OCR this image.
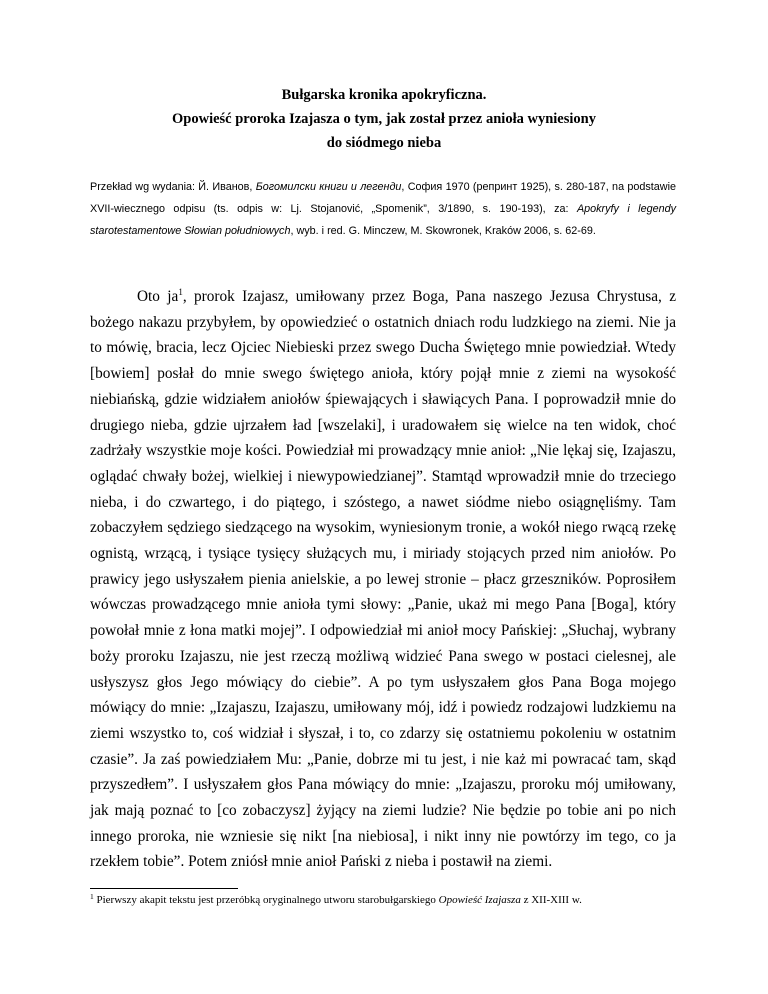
Bułgarska kronika apokryficzna.
Opowieść proroka Izajasza o tym, jak został przez anioła wyniesiony
do siódmego nieba
Przekład wg wydania: Й. Иванов, Богомилски книги и легенди, София 1970 (репринт 1925), s. 280-187, na podstawie XVII-wiecznego odpisu (ts. odpis w: Lj. Stojanović, „Spomenik”, 3/1890, s. 190-193), za: Apokryfy i legendy starotestamentowe Słowian południowych, wyb. i red. G. Minczew, M. Skowronek, Kraków 2006, s. 62-69.

Oto $ja^1$, prorok Izajasz, umiłowany przez Boga, Pana naszego Jezusa Chrystusa, z bożego nakazu przybyłem, by opowiedzieć o ostatnich dniach rodu ludzkiego na ziemi. Nie ja to mówię, bracia, lecz Ojciec Niebieski przez swego Ducha Świętego mnie powiedział. Wtedy [bowiem] posłał do mnie swego świętego anioła, który pojął mnie z ziemi na wysokość niebiańską, gdzie widziałem aniołów śpiewających i sławiących Pana. I poprowadził mnie do drugiego nieba, gdzie ujrzałem ład [wszelaki], i uradowałem się wielce na ten widok, choć zadrżały wszystkie moje kości. Powiedział mi prowadzący mnie anioł: „Nie lękaj się, Izajaszu, oglądać chwały bożej, wielkiej i niewypowiedzianej”. Stamtąd wprowadził mnie do trzeciego nieba, i do czwartego, i do piątego, i szóstego, a nawet siódme niebo osiągnęliśmy. Tam zobaczyłem sędziego siedzącego na wysokim, wyniesionym tronie, a wokół niego rwącą rzekę ognistą, wrzącą, i tysiące tysięcy służących mu, i miriady stojących przed nim aniołów. Po prawicy jego usłyszałem pienia anielskie, a po lewej stronie – płacz grzeszników. Poprosiłem wówczas prowadzącego mnie anioła tymi słowy: „Panie, ukaż mi mego Pana [Boga], który powołał mnie z łona matki mojej”. I odpowiedział mi anioł mocy Pańskiej: „Słuchaj, wybrany boży proroku Izajaszu, nie jest rzeczą możliwą widzieć Pana swego w postaci cielesnej, ale usłyszysz głos Jego mówiący do ciebie”. A po tym usłyszałem głos Pana Boga mojego mówiący do mnie: „Izajaszu, Izajaszu, umiłowany mój, idź i powiedz rodzajowi ludzkiemu na ziemi wszystko to, coś widział i słyszał, i to, co zdarzy się ostatniemu pokoleniu w ostatnim czasie”. Ja zaś powiedziałem Mu: „Panie, dobrze mi tu jest, i nie każ mi powracać tam, skąd przyszedłem”. I usłyszałem głos Pana mówiący do mnie: „Izajaszu, proroku mój umiłowany, jak mają poznać to [co zobaczysz] żyjący na ziemi ludzie? Nie będzie po tobie ani po nich innego proroka, nie wzniesie się nikt [na niebiosa], i nikt inny nie powtórzy im tego, co ja rzekłem tobie”. Potem zniósł mnie anioł Pański z nieba i postawił na ziemi.

$^1$ Pierwszy akapit tekstu jest przeróbką oryginalnego utworu starobułgarskiego Opowieść Izajasza z XII-XIII w.
